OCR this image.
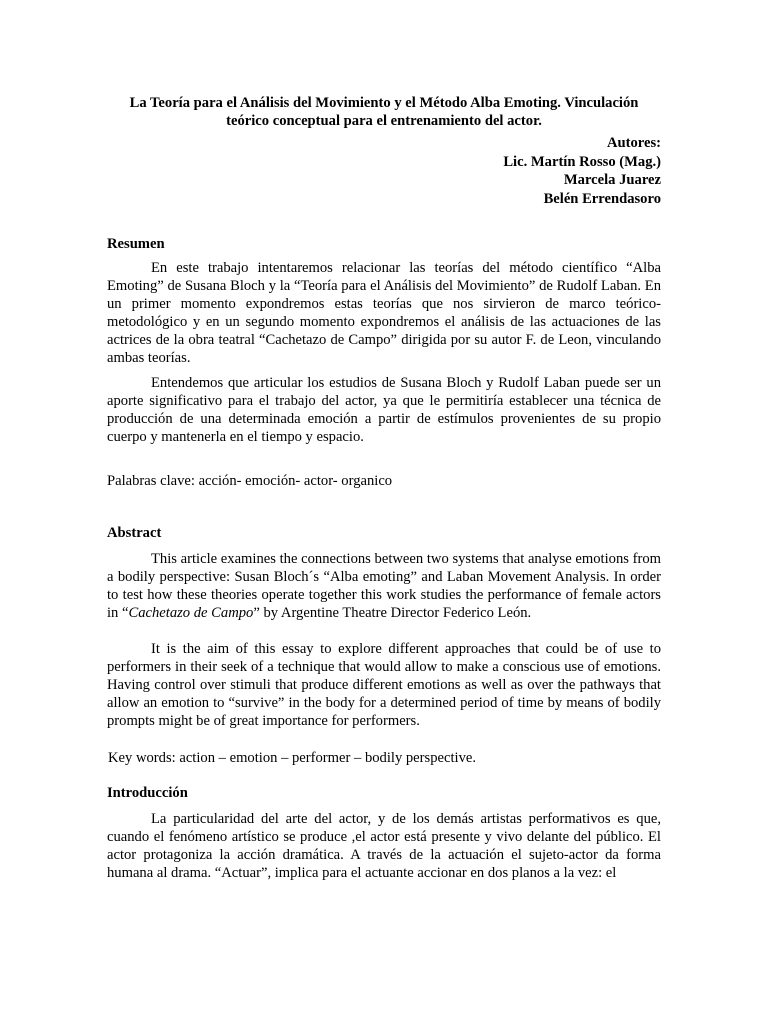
La Teoría para el Análisis del Movimiento y el Método Alba Emoting. Vinculación
teórico conceptual para el entrenamiento del actor.
Autores:
Lic. Martín Rosso (Mag.)
Marcela Juarez
Belén Errendasoro
Resumen

En este trabajo intentaremos relacionar las teorías del método científico “Alba Emoting” de Susana Bloch y la “Teoría para el Análisis del Movimiento” de Rudolf Laban. En un primer momento expondremos estas teorías que nos sirvieron de marco teórico-metodológico y en un segundo momento expondremos el análisis de las actuaciones de las actrices de la obra teatral “Cachetazo de Campo” dirigida por su autor F. de Leon, vinculando ambas teorías.

Entendemos que articular los estudios de Susana Bloch y Rudolf Laban puede ser un aporte significativo para el trabajo del actor, ya que le permitiría establecer una técnica de producción de una determinada emoción a partir de estímulos provenientes de su propio cuerpo y mantenerla en el tiempo y espacio.

Palabras clave: acción- emoción- actor- organico

Abstract

This article examines the connections between two systems that analyse emotions from a bodily perspective: Susan Bloch´s “Alba emoting” and Laban Movement Analysis. In order to test how these theories operate together this work studies the performance of female actors in “Cachetazo de Campo” by Argentine Theatre Director Federico León.

It is the aim of this essay to explore different approaches that could be of use to performers in their seek of a technique that would allow to make a conscious use of emotions. Having control over stimuli that produce different emotions as well as over the pathways that allow an emotion to “survive” in the body for a determined period of time by means of bodily prompts might be of great importance for performers.

Key words: action – emotion – performer – bodily perspective.

Introducción

La particularidad del arte del actor, y de los demás artistas performativos es que, cuando el fenómeno artístico se produce ,el actor está presente y vivo delante del público. El actor protagoniza la acción dramática. A través de la actuación el sujeto-actor da forma humana al drama. “Actuar”, implica para el actuante accionar en dos planos a la vez: el
